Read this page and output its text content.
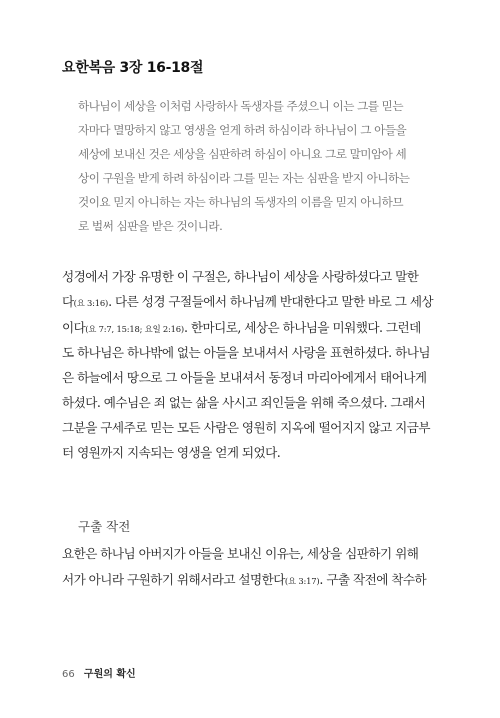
요한복음 3장 16-18절
하나님이 세상을 이처럼 사랑하사 독생자를 주셨으니 이는 그를 믿는
자마다 멸망하지 않고 영생을 얻게 하려 하심이라 하나님이 그 아들을
세상에 보내신 것은 세상을 심판하려 하심이 아니요 그로 말미암아 세
상이 구원을 받게 하려 하심이라 그를 믿는 자는 심판을 받지 아니하는
것이요 믿지 아니하는 자는 하나님의 독생자의 이름을 믿지 아니하므
로 벌써 심판을 받은 것이니라.
성경에서 가장 유명한 이 구절은, 하나님이 세상을 사랑하셨다고 말한
다(요 3:16). 다른 성경 구절들에서 하나님께 반대한다고 말한 바로 그 세상
이다(요 7:7, 15:18; 요일 2:16). 한마디로, 세상은 하나님을 미워했다. 그런데
도 하나님은 하나밖에 없는 아들을 보내셔서 사랑을 표현하셨다. 하나님
은 하늘에서 땅으로 그 아들을 보내셔서 동정녀 마리아에게서 태어나게
하셨다. 예수님은 죄 없는 삶을 사시고 죄인들을 위해 죽으셨다. 그래서
그분을 구세주로 믿는 모든 사람은 영원히 지옥에 떨어지지 않고 지금부
터 영원까지 지속되는 영생을 얻게 되었다.
구출 작전
요한은 하나님 아버지가 아들을 보내신 이유는, 세상을 심판하기 위해
서가 아니라 구원하기 위해서라고 설명한다(요 3:17). 구출 작전에 착수하
66 구원의 확신
